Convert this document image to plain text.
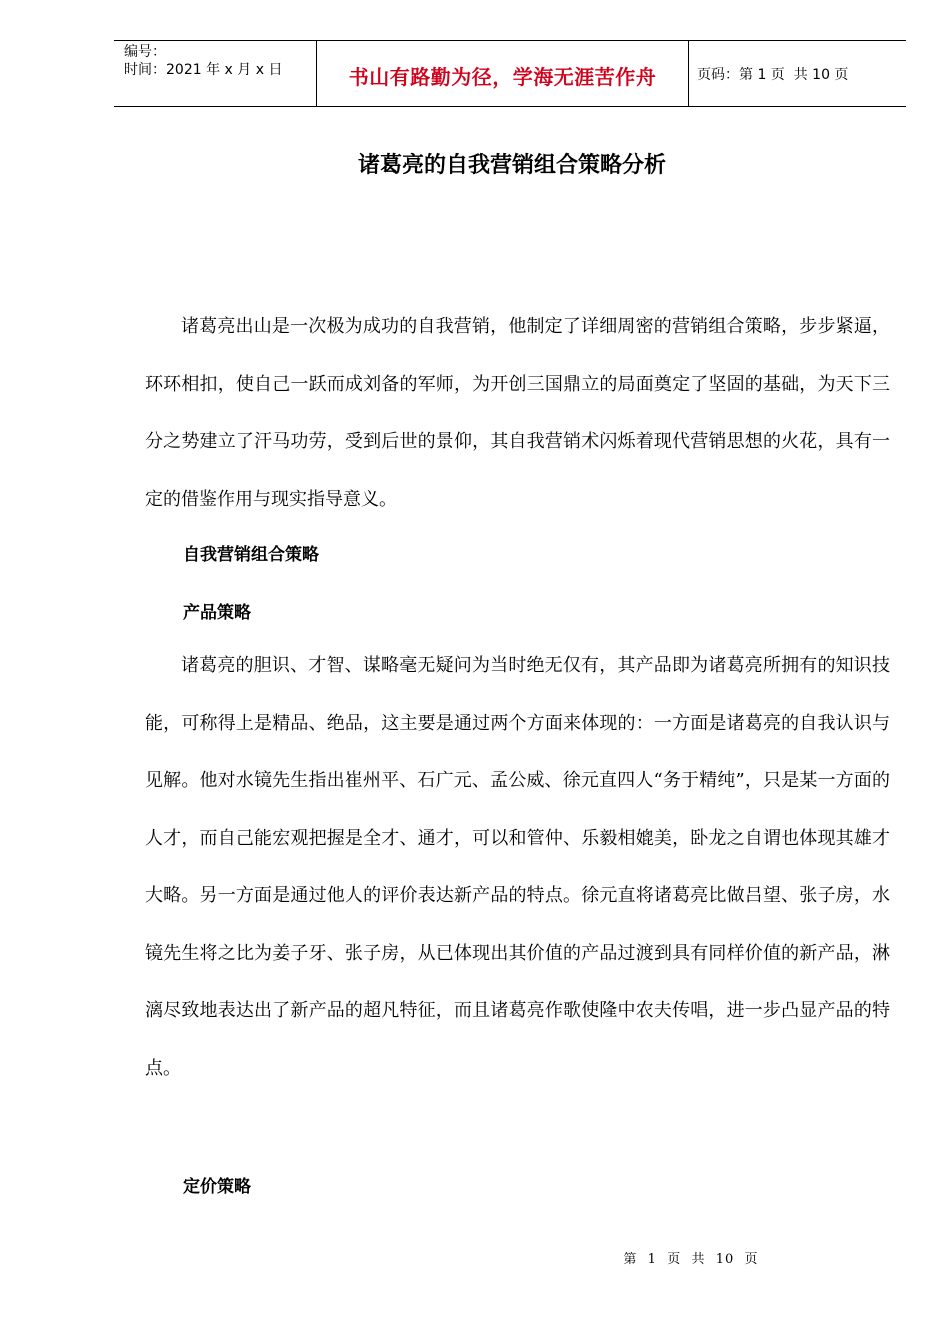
编号：
时间：2021 年 x 月 x 日	书山有路勤为径，学海无涯苦作舟	页码：第 1 页  共 10 页
诸葛亮的自我营销组合策略分析

诸葛亮出山是一次极为成功的自我营销，他制定了详细周密的营销组合策略，步步紧逼，环环相扣，使自己一跃而成刘备的军师，为开创三国鼎立的局面奠定了坚固的基础，为天下三分之势建立了汗马功劳，受到后世的景仰，其自我营销术闪烁着现代营销思想的火花，具有一定的借鉴作用与现实指导意义。

自我营销组合策略
产品策略

诸葛亮的胆识、才智、谋略毫无疑问为当时绝无仅有，其产品即为诸葛亮所拥有的知识技能，可称得上是精品、绝品，这主要是通过两个方面来体现的：一方面是诸葛亮的自我认识与见解。他对水镜先生指出崔州平、石广元、孟公威、徐元直四人“务于精纯”，只是某一方面的人才，而自己能宏观把握是全才、通才，可以和管仲、乐毅相媲美，卧龙之自谓也体现其雄才大略。另一方面是通过他人的评价表达新产品的特点。徐元直将诸葛亮比做吕望、张子房，水镜先生将之比为姜子牙、张子房，从已体现出其价值的产品过渡到具有同样价值的新产品，淋漓尽致地表达出了新产品的超凡特征，而且诸葛亮作歌使隆中农夫传唱，进一步凸显产品的特点。

定价策略
第  1  页  共  10  页
